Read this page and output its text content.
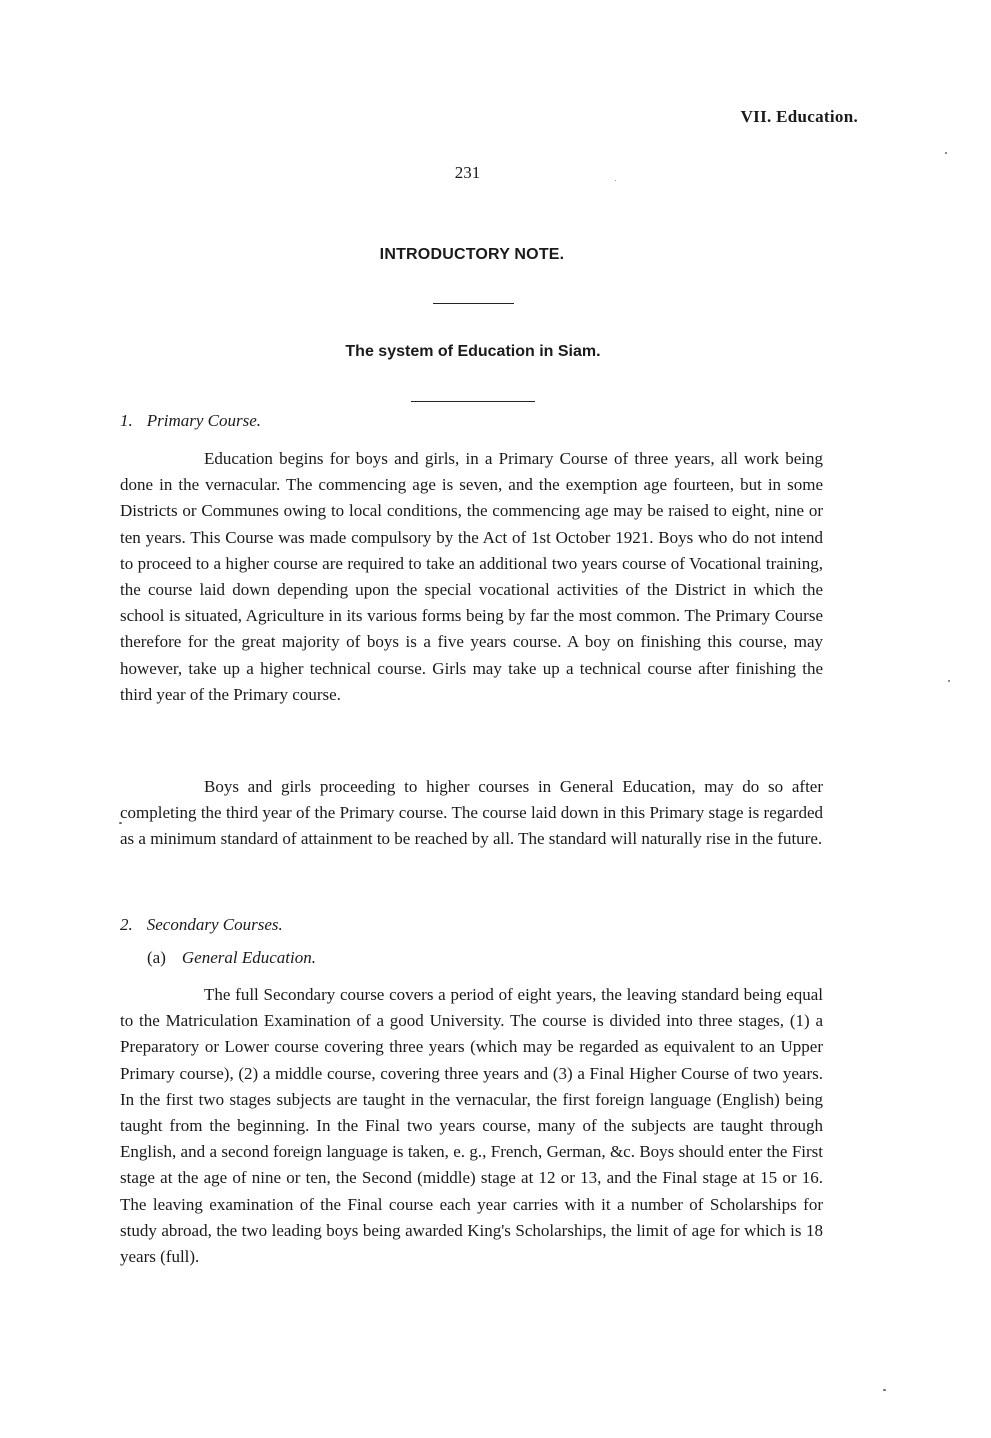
VII. Education.
231
INTRODUCTORY NOTE.
The system of Education in Siam.
1. Primary Course.
Education begins for boys and girls, in a Primary Course of three years, all work being done in the vernacular. The commencing age is seven, and the exemption age fourteen, but in some Districts or Communes owing to local conditions, the commencing age may be raised to eight, nine or ten years. This Course was made compulsory by the Act of 1st October 1921. Boys who do not intend to proceed to a higher course are required to take an additional two years course of Vocational training, the course laid down depending upon the special vocational activities of the District in which the school is situated, Agriculture in its various forms being by far the most common. The Primary Course therefore for the great majority of boys is a five years course. A boy on finishing this course, may however, take up a higher technical course. Girls may take up a technical course after finishing the third year of the Primary course.
Boys and girls proceeding to higher courses in General Education, may do so after completing the third year of the Primary course. The course laid down in this Primary stage is regarded as a minimum standard of attainment to be reached by all. The standard will naturally rise in the future.
2. Secondary Courses.
(a) General Education.
The full Secondary course covers a period of eight years, the leaving standard being equal to the Matriculation Examination of a good University. The course is divided into three stages, (1) a Preparatory or Lower course covering three years (which may be regarded as equivalent to an Upper Primary course), (2) a middle course, covering three years and (3) a Final Higher Course of two years. In the first two stages subjects are taught in the vernacular, the first foreign language (English) being taught from the beginning. In the Final two years course, many of the subjects are taught through English, and a second foreign language is taken, e. g., French, German, &c. Boys should enter the First stage at the age of nine or ten, the Second (middle) stage at 12 or 13, and the Final stage at 15 or 16. The leaving examination of the Final course each year carries with it a number of Scholarships for study abroad, the two leading boys being awarded King's Scholarships, the limit of age for which is 18 years (full).
